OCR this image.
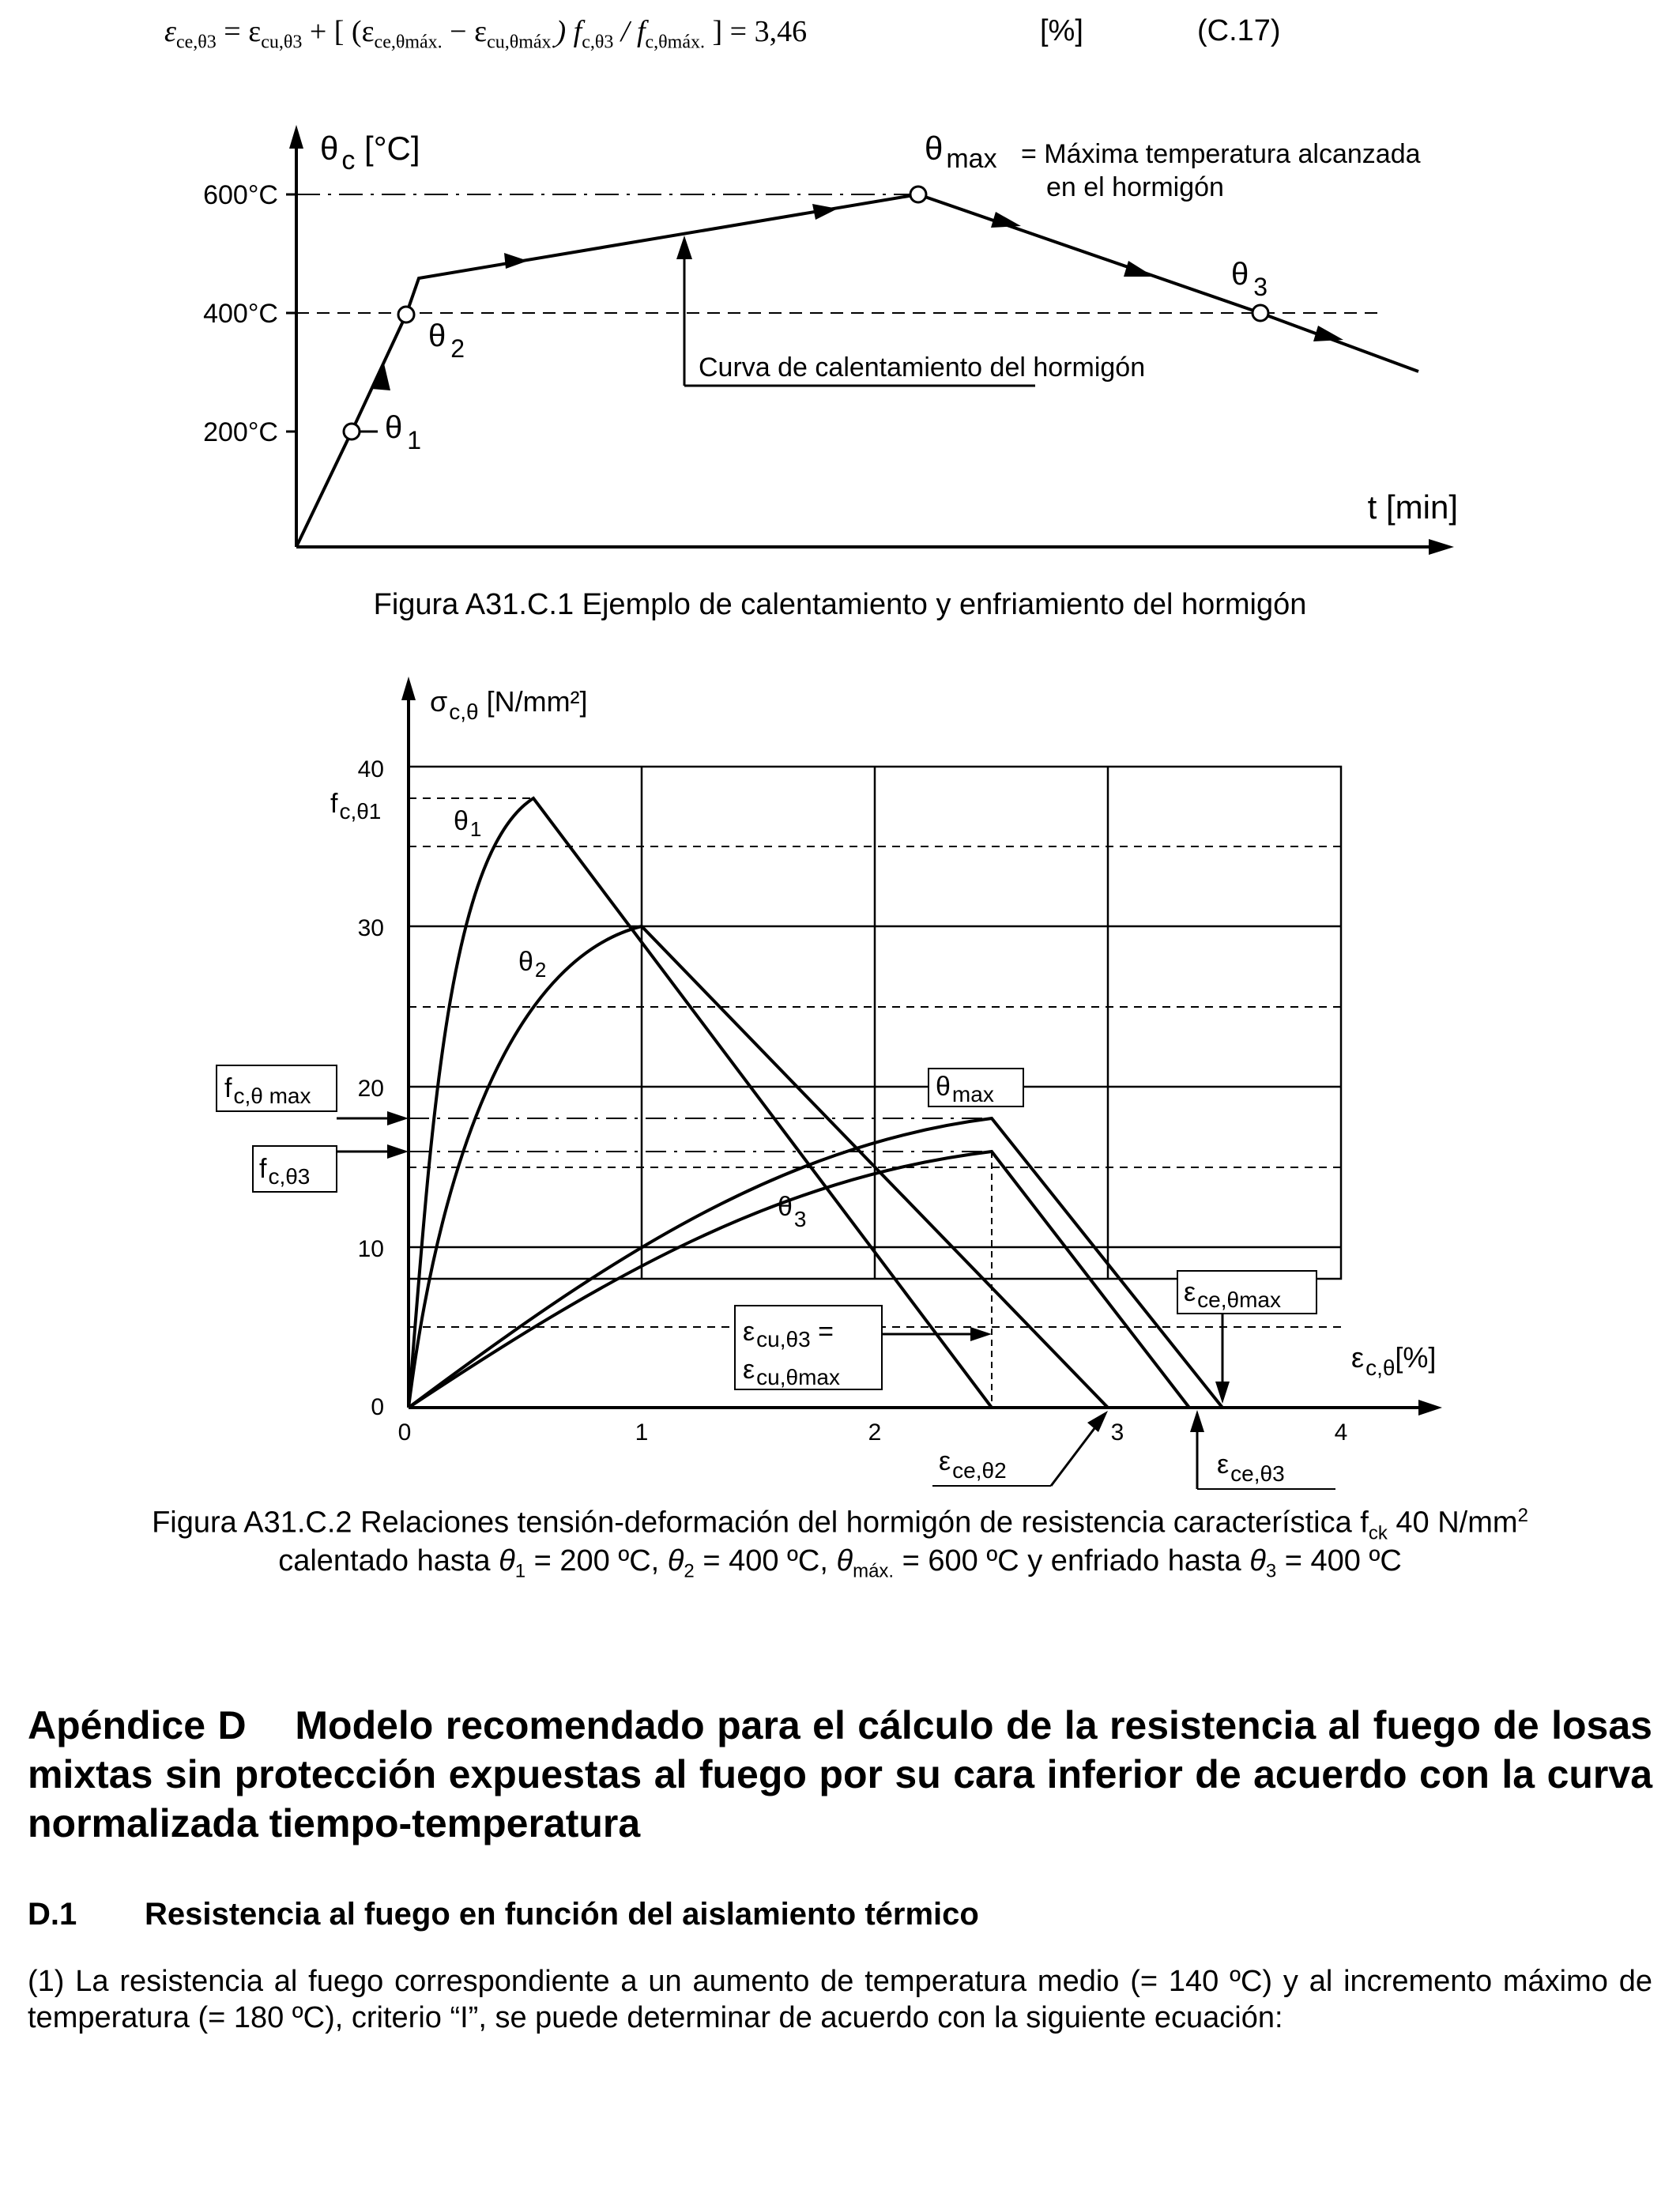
$\varepsilon_{ce,\theta 3} = \varepsilon_{cu,\theta 3}$ + [ $(\varepsilon_{ce,\theta máx.} - \varepsilon_{cu,\theta máx.})$ $f_{c,\theta 3} / f_{c,\theta máx.}$ ] = 3,46	[%]	(C.17)
600°C
400°C
200°C	θ $_1$
θ $_2$
θ $_3$
θ $_c$ [°C]	θ $_{max}$ = Máxima temperatura alcanzada
en el hormigón
Curva de calentamiento del hormigón
t [min]
Figura A31.C.1 Ejemplo de calentamiento y enfriamiento del hormigón
40
30
20
10
0
0	1	2	3	4
$\sigma_{c,\theta}$ [N/mm²]
$\varepsilon_{c,\theta}[\%]$
$\theta_1$
$\theta_2$
$\theta_3$
$f_{c,\theta 1}$
$f_{c,\theta max}$
$f_{c,\theta 3}$
$\theta_{max}$
$\varepsilon_{cu,\theta 3}$ =
$\varepsilon_{cu,\theta max}$
$\varepsilon_{ce,\theta max}$
$\varepsilon_{ce,\theta 2}$	$\varepsilon_{ce,\theta 3}$
Figura A31.C.2 Relaciones tensión-deformación del hormigón de resistencia característica $f_{ck}$ 40 $N/mm^2$
calentado hasta $\theta_1 = 200$ ºC, $\theta_2 = 400$ ºC, $\theta_{máx.} = 600$ ºC y enfriado hasta $\theta_3 = 400$ ºC
Apéndice D Modelo recomendado para el cálculo de la resistencia al fuego de losas mixtas sin protección expuestas al fuego por su cara inferior de acuerdo con la curva normalizada tiempo-temperatura
D.1 Resistencia al fuego en función del aislamiento térmico

(1) La resistencia al fuego correspondiente a un aumento de temperatura medio (= 140 ºC) y al incremento máximo de temperatura (= 180 ºC), criterio “I”, se puede determinar de acuerdo con la siguiente ecuación:
